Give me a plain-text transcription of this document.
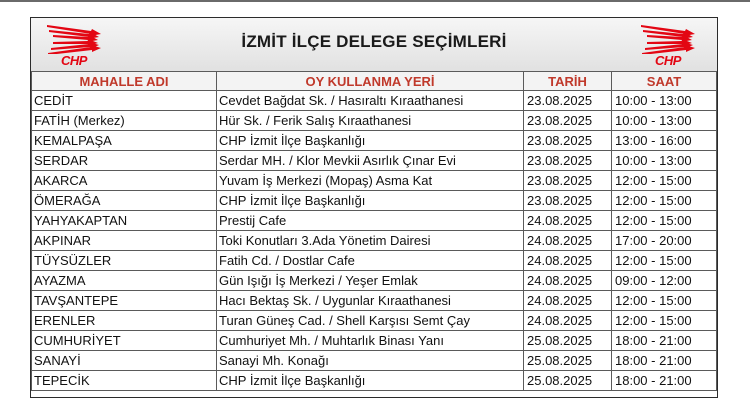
CHP
İZMİT İLÇE DELEGE SEÇİMLERİ
CHP
MAHALLE ADI	OY KULLANMA YERİ	TARİH	SAAT
CEDİT	Cevdet Bağdat Sk. / Hasıraltı Kıraathanesi	23.08.2025	10:00 - 13:00
FATİH (Merkez)	Hür Sk. / Ferik Salış Kıraathanesi	23.08.2025	10:00 - 13:00
KEMALPAŞA	CHP İzmit İlçe Başkanlığı	23.08.2025	13:00 - 16:00
SERDAR	Serdar MH. / Klor Mevkii Asırlık Çınar Evi	23.08.2025	10:00 - 13:00
AKARCA	Yuvam İş Merkezi (Mopaş) Asma Kat	23.08.2025	12:00 - 15:00
ÖMERAĞA	CHP İzmit İlçe Başkanlığı	23.08.2025	12:00 - 15:00
YAHYAKAPTAN	Prestij Cafe	24.08.2025	12:00 - 15:00
AKPINAR	Toki Konutları 3.Ada Yönetim Dairesi	24.08.2025	17:00 - 20:00
TÜYSÜZLER	Fatih Cd. / Dostlar Cafe	24.08.2025	12:00 - 15:00
AYAZMA	Gün Işığı İş Merkezi / Yeşer Emlak	24.08.2025	09:00 - 12:00
TAVŞANTEPE	Hacı Bektaş Sk. / Uygunlar Kıraathanesi	24.08.2025	12:00 - 15:00
ERENLER	Turan Güneş Cad. / Shell Karşısı Semt Çay	24.08.2025	12:00 - 15:00
CUMHURİYET	Cumhuriyet Mh. / Muhtarlık Binası Yanı	25.08.2025	18:00 - 21:00
SANAYİ	Sanayi Mh. Konağı	25.08.2025	18:00 - 21:00
TEPECİK	CHP İzmit İlçe Başkanlığı	25.08.2025	18:00 - 21:00
